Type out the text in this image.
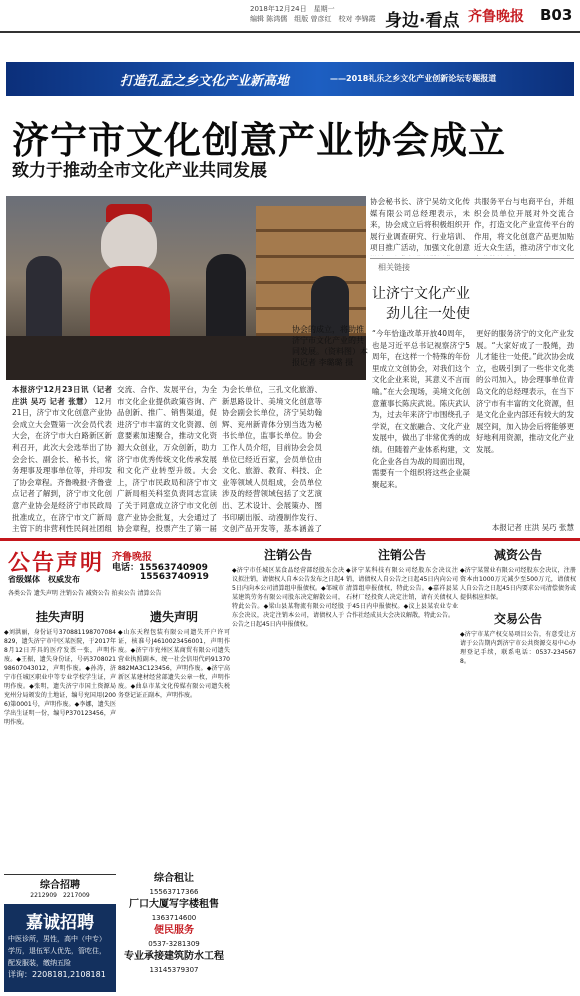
2018年12月24日　星期一
编辑 陈鸿儒　组版 曾彦红　校对 李锦霞 身边·看点 齐鲁晚报 B03
打造孔孟之乡文化产业新高地	——2018礼乐之乡文化产业创新论坛专题报道
济宁市文化创意产业协会成立
致力于推动全市文化产业共同发展
协会的成立，将助推济宁市文化产业的共同发展。（资料图）本报记者 李璐璐 摄
本报济宁12月23日讯（记者 庄洪 吴巧 记者 张慧） 12月21日，济宁市文化创意产业协会成立大会暨第一次会员代表大会，在济宁市大白路新区新利召开，此次大会选举出了协会会长、副会长、秘书长，常务理事及理事单位等，并印发了协会章程。齐鲁晚报·齐鲁壹点记者了解到，济宁市文化创意产业协会是经济宁市民政局批准成立，在济宁市文广新局主管下的非营利性民间社团组
交流、合作、发展平台，为全市文化企业提供政策咨询、产品创新、推广、销售渠道，促进济宁市丰富的文化资源、创意要素加速聚合，推动文化资源大众创业，万众创新，助力济宁市优秀传统文化传承发展和文化产业转型升级。大会上，济宁市民政局和济宁市文广新局相关科室负责同志宣读了关于同意成立济宁市文化创意产业协会批复，大会通过了协会章程，投票产生了第一届
为会长单位，三孔文化旅游、新思路设计、美境文化创意等协会副会长单位，济宁吴幼翰辉、兖州新青体分别当选为秘书长单位，监事长单位。协会工作人员介绍，目前协会会员单位已经近百家，会员单位由文化、旅游、教育、科技、企业等领域人员组成，会员单位涉及的经营领域包括了文艺演出、艺术设计、会展策办、图书印刷出版、动漫制作发行、文创产品开发等，基本涵盖了
协会秘书长、济宁吴幼文化传媒有限公司总经理表示，未来，协会成立后将积极组织开展行业调查研究、行业培训、项目推广活动，加强文化创意
共服务平台与电商平台，并组织会员单位开展对外交流合作，打造文化产业宣传平台的作用，将文化创意产品更加贴近大众生活，推动济宁市文化
相关链接
让济宁文化产业
劲儿往一处使
“今年恰逢改革开放40周年，也是习近平总书记视察济宁5周年，在这样一个特殊的年份里成立文创协会，对我们这个文化企业来说，其意义不言而喻。”在大会现场，美境文化创意董事长陈庆武说。陈庆武认为，过去年来济宁市围绕孔子学说，在文旅融合、文化产业发展中，做出了非常优秀的成绩。但随着产业体系构建，文化企业各自为战的局面出现，需要有一个组织将这些企业凝聚起来。
更好的服务济宁的文化产业发展。“大家好成了一股绳，劲儿才能往一处使。”此次协会成立，也吸引到了一些非文化类的公司加入，协会理事单位青岛文化的总经理表示，在当下济宁市有丰富的文化资源，但是文化企业内部还有较大的发展空间，加入协会后将能够更好地利用资源，推动文化产业发展。
本报记者 庄洪 吴巧 张慧
公告声明 齐鲁晚报
电话：15563740909
15563740919
省级媒体　权威发布
各类公告 遗失声明 注销公告 减资公告 拍卖公告 清算公告
挂失声明
◆刘洪丽，身份证号370881198707084829，遗失济宁市中区某医院，于2017年8月12日开具的医疗发票一张，声明作废。◆王振，遗失身份证，号码370802198607043012，声明作废。◆孙涛，济宁市任城区职业中等专业学校学生证，声明作废。◆张明，遗失济宁市国土资源局兖州分局颁发的土地证，编号兖国用(2006)第0001号，声明作废。◆李娜，遗失医学出生证明一份，编号P370123456，声明作废。
综合招聘
2212909　2217009
嘉诚招聘
中医诊所，男性，高中（中专）学历，退伍军人优先，管吃住，配发服装，缴纳五险
详询：2208181,2108181
遗失声明
◆山东天程包装有限公司遗失开户许可证，核准号J4610023456001，声明作废。◆济宁市兖州区某商贸有限公司遗失营业执照副本，统一社会信用代码91370882MA3C123456，声明作废。◆济宁高新区某建材经营部遗失公章一枚，声明作废。◆曲阜市某文化传媒有限公司遗失税务登记证正副本，声明作废。
综合租让
15563717366
厂口大厦写字楼租售
1363714600
便民服务
0537-3281309
专业承接建筑防水工程
13145379307
注销公告
◆济宁市任城区某食品经营部经股东会决议拟注销，请债权人自本公告发布之日起45日内向本公司清算组申报债权。◆邹城市某建筑劳务有限公司股东决定解散公司，特此公告。◆梁山县某物流有限公司经股东会决议，决定注销本公司，请债权人于公告之日起45日内申报债权。
注销公告
◆济宁某科技有限公司经股东会决议注销，请债权人自公告之日起45日内向公司清算组申报债权，特此公告。◆嘉祥县某石材厂经投资人决定注销，请有关债权人于45日内申报债权。◆汶上县某农业专业合作社经成员大会决议解散，特此公告。
减资公告
◆济宁某置业有限公司经股东会决议，注册资本由1000万元减少至500万元，请债权人自公告之日起45日内要求公司清偿债务或提供相应担保。
交易公告
◆济宁市某产权交易项目公告，有意受让方请于公告期内到济宁市公共资源交易中心办理登记手续，联系电话：0537-2345678。
